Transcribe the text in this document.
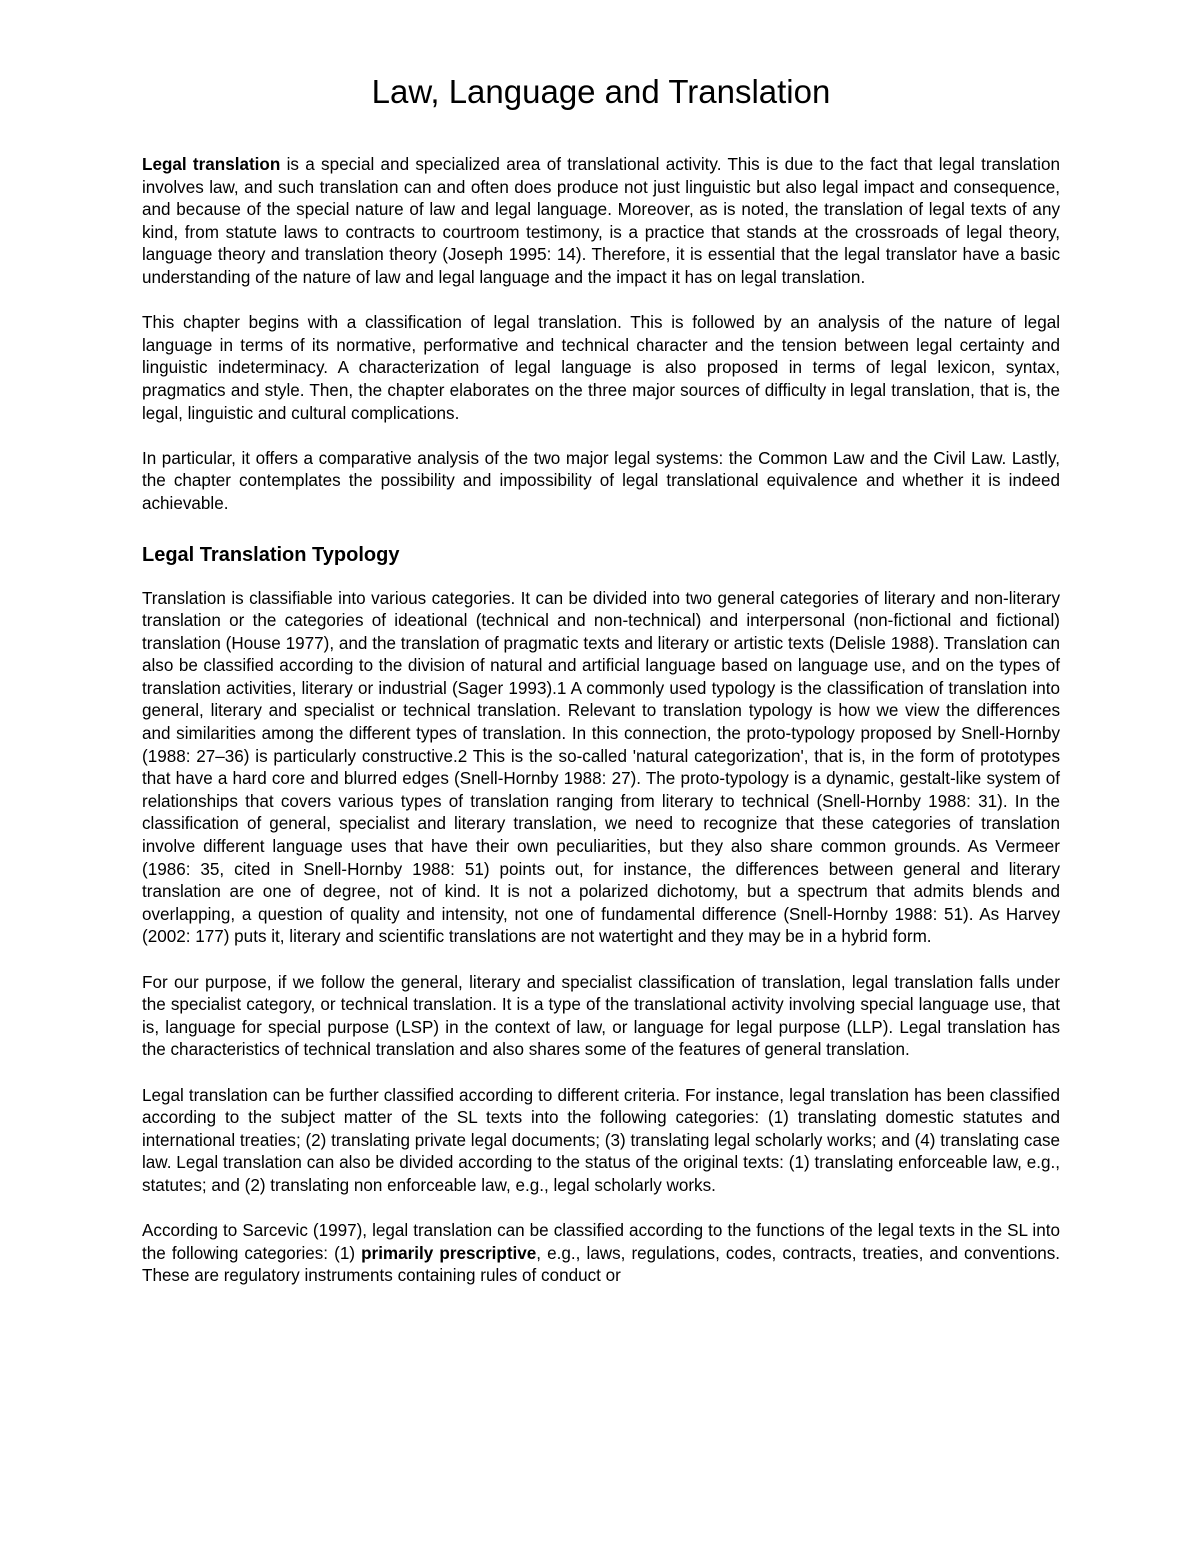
Law, Language and Translation

Legal translation is a special and specialized area of translational activity. This is due to the fact that legal translation involves law, and such translation can and often does produce not just linguistic but also legal impact and consequence, and because of the special nature of law and legal language. Moreover, as is noted, the translation of legal texts of any kind, from statute laws to contracts to courtroom testimony, is a practice that stands at the crossroads of legal theory, language theory and translation theory (Joseph 1995: 14). Therefore, it is essential that the legal translator have a basic understanding of the nature of law and legal language and the impact it has on legal translation.

This chapter begins with a classification of legal translation. This is followed by an analysis of the nature of legal language in terms of its normative, performative and technical character and the tension between legal certainty and linguistic indeterminacy. A characterization of legal language is also proposed in terms of legal lexicon, syntax, pragmatics and style. Then, the chapter elaborates on the three major sources of difficulty in legal translation, that is, the legal, linguistic and cultural complications.

In particular, it offers a comparative analysis of the two major legal systems: the Common Law and the Civil Law. Lastly, the chapter contemplates the possibility and impossibility of legal translational equivalence and whether it is indeed achievable.

Legal Translation Typology

Translation is classifiable into various categories. It can be divided into two general categories of literary and non-literary translation or the categories of ideational (technical and non-technical) and interpersonal (non-fictional and fictional) translation (House 1977), and the translation of pragmatic texts and literary or artistic texts (Delisle 1988). Translation can also be classified according to the division of natural and artificial language based on language use, and on the types of translation activities, literary or industrial (Sager 1993).1 A commonly used typology is the classification of translation into general, literary and specialist or technical translation. Relevant to translation typology is how we view the differences and similarities among the different types of translation. In this connection, the proto-typology proposed by Snell-Hornby (1988: 27–36) is particularly constructive.2 This is the so-called 'natural categorization', that is, in the form of prototypes that have a hard core and blurred edges (Snell-Hornby 1988: 27). The proto-typology is a dynamic, gestalt-like system of relationships that covers various types of translation ranging from literary to technical (Snell-Hornby 1988: 31). In the classification of general, specialist and literary translation, we need to recognize that these categories of translation involve different language uses that have their own peculiarities, but they also share common grounds. As Vermeer (1986: 35, cited in Snell-Hornby 1988: 51) points out, for instance, the differences between general and literary translation are one of degree, not of kind. It is not a polarized dichotomy, but a spectrum that admits blends and overlapping, a question of quality and intensity, not one of fundamental difference (Snell-Hornby 1988: 51). As Harvey (2002: 177) puts it, literary and scientific translations are not watertight and they may be in a hybrid form.

For our purpose, if we follow the general, literary and specialist classification of translation, legal translation falls under the specialist category, or technical translation. It is a type of the translational activity involving special language use, that is, language for special purpose (LSP) in the context of law, or language for legal purpose (LLP). Legal translation has the characteristics of technical translation and also shares some of the features of general translation.

Legal translation can be further classified according to different criteria. For instance, legal translation has been classified according to the subject matter of the SL texts into the following categories: (1) translating domestic statutes and international treaties; (2) translating private legal documents; (3) translating legal scholarly works; and (4) translating case law. Legal translation can also be divided according to the status of the original texts: (1) translating enforceable law, e.g., statutes; and (2) translating non enforceable law, e.g., legal scholarly works.

According to Sarcevic (1997), legal translation can be classified according to the functions of the legal texts in the SL into the following categories: (1) primarily prescriptive, e.g., laws, regulations, codes, contracts, treaties, and conventions. These are regulatory instruments containing rules of conduct or
